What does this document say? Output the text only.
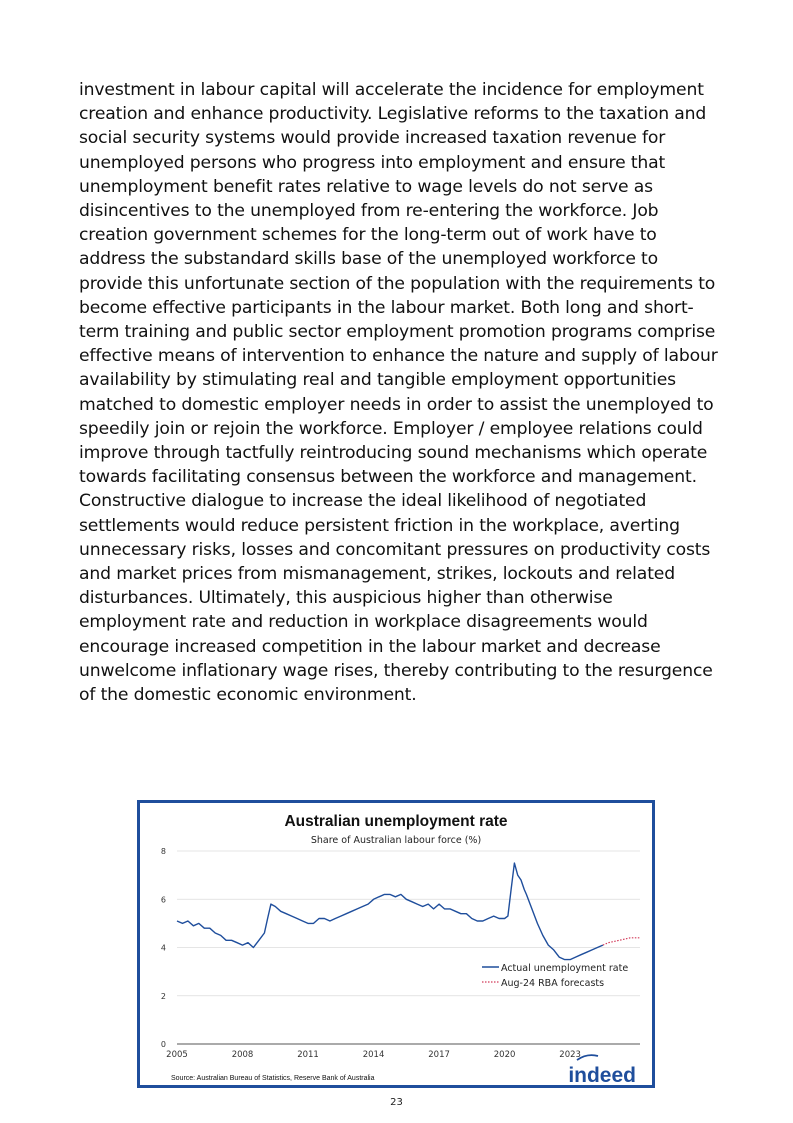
investment in labour capital will accelerate the incidence for employment creation and enhance productivity. Legislative reforms to the taxation and social security systems would provide increased taxation revenue for unemployed persons who progress into employment and ensure that unemployment benefit rates relative to wage levels do not serve as disincentives to the unemployed from re-entering the workforce. Job creation government schemes for the long-term out of work have to address the substandard skills base of the unemployed workforce to provide this unfortunate section of the population with the requirements to become effective participants in the labour market. Both long and short-term training and public sector employment promotion programs comprise effective means of intervention to enhance the nature and supply of labour availability by stimulating real and tangible employment opportunities matched to domestic employer needs in order to assist the unemployed to speedily join or rejoin the workforce. Employer / employee relations could improve through tactfully reintroducing sound mechanisms which operate towards facilitating consensus between the workforce and management. Constructive dialogue to increase the ideal likelihood of negotiated settlements would reduce persistent friction in the workplace, averting unnecessary risks, losses and concomitant pressures on productivity costs and market prices from mismanagement, strikes, lockouts and related disturbances. Ultimately, this auspicious higher than otherwise employment rate and reduction in workplace disagreements would encourage increased competition in the labour market and decrease unwelcome inflationary wage rises, thereby contributing to the resurgence of the domestic economic environment.

Australian unemployment rate
Share of Australian labour force (%)
0
2
4
6
8
2005	2008	2011	2014	2017	2020	2023
Actual unemployment rate
Aug-24 RBA forecasts
Source: Australian Bureau of Statistics, Reserve Bank of Australia	indeed
23
